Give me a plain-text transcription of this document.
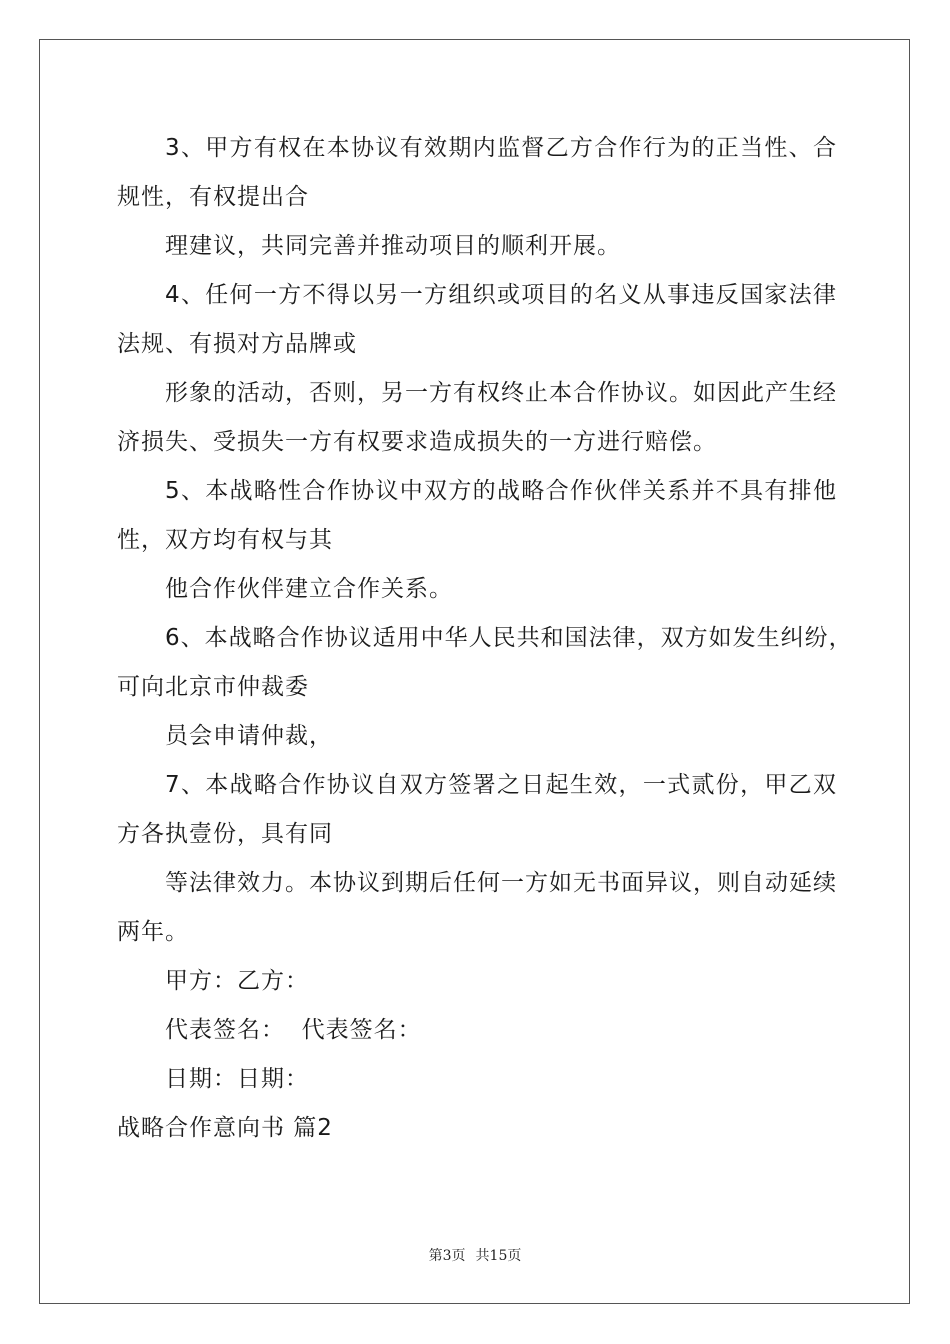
3、甲方有权在本协议有效期内监督乙方合作行为的正当性、合
规性，有权提出合
理建议，共同完善并推动项目的顺利开展。
4、任何一方不得以另一方组织或项目的名义从事违反国家法律
法规、有损对方品牌或
形象的活动，否则，另一方有权终止本合作协议。如因此产生经
济损失、受损失一方有权要求造成损失的一方进行赔偿。
5、本战略性合作协议中双方的战略合作伙伴关系并不具有排他
性，双方均有权与其
他合作伙伴建立合作关系。
6、本战略合作协议适用中华人民共和国法律，双方如发生纠纷，
可向北京市仲裁委
员会申请仲裁，
7、本战略合作协议自双方签署之日起生效，一式贰份，甲乙双
方各执壹份，具有同
等法律效力。本协议到期后任何一方如无书面异议，则自动延续
两年。
甲方：乙方：
代表签名：  代表签名：
日期：日期：
战略合作意向书 篇2
第3页 共15页
